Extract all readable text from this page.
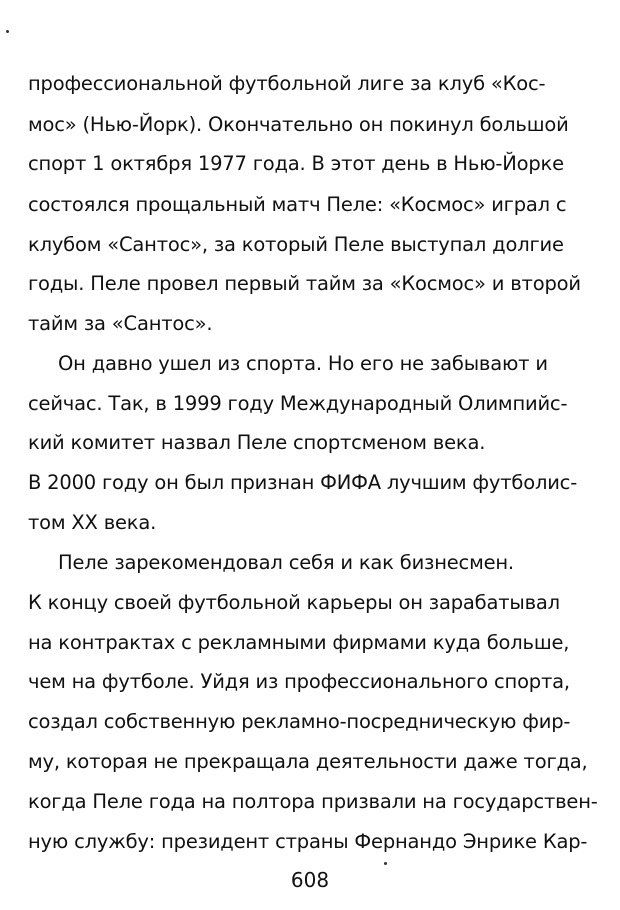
профессиональной футбольной лиге за клуб «Кос-
мос» (Нью-Йорк). Окончательно он покинул большой
спорт 1 октября 1977 года. В этот день в Нью-Йорке
состоялся прощальный матч Пеле: «Космос» играл с
клубом «Сантос», за который Пеле выступал долгие
годы. Пеле провел первый тайм за «Космос» и второй
тайм за «Сантос».
Он давно ушел из спорта. Но его не забывают и
сейчас. Так, в 1999 году Международный Олимпийс-
кий комитет назвал Пеле спортсменом века.
В 2000 году он был признан ФИФА лучшим футболис-
том XX века.
Пеле зарекомендовал себя и как бизнесмен.
К концу своей футбольной карьеры он зарабатывал
на контрактах с рекламными фирмами куда больше,
чем на футболе. Уйдя из профессионального спорта,
создал собственную рекламно-посредническую фир-
му, которая не прекращала деятельности даже тогда,
когда Пеле года на полтора призвали на государствен-
ную службу: президент страны Фернандо Энрике Кар-
608
